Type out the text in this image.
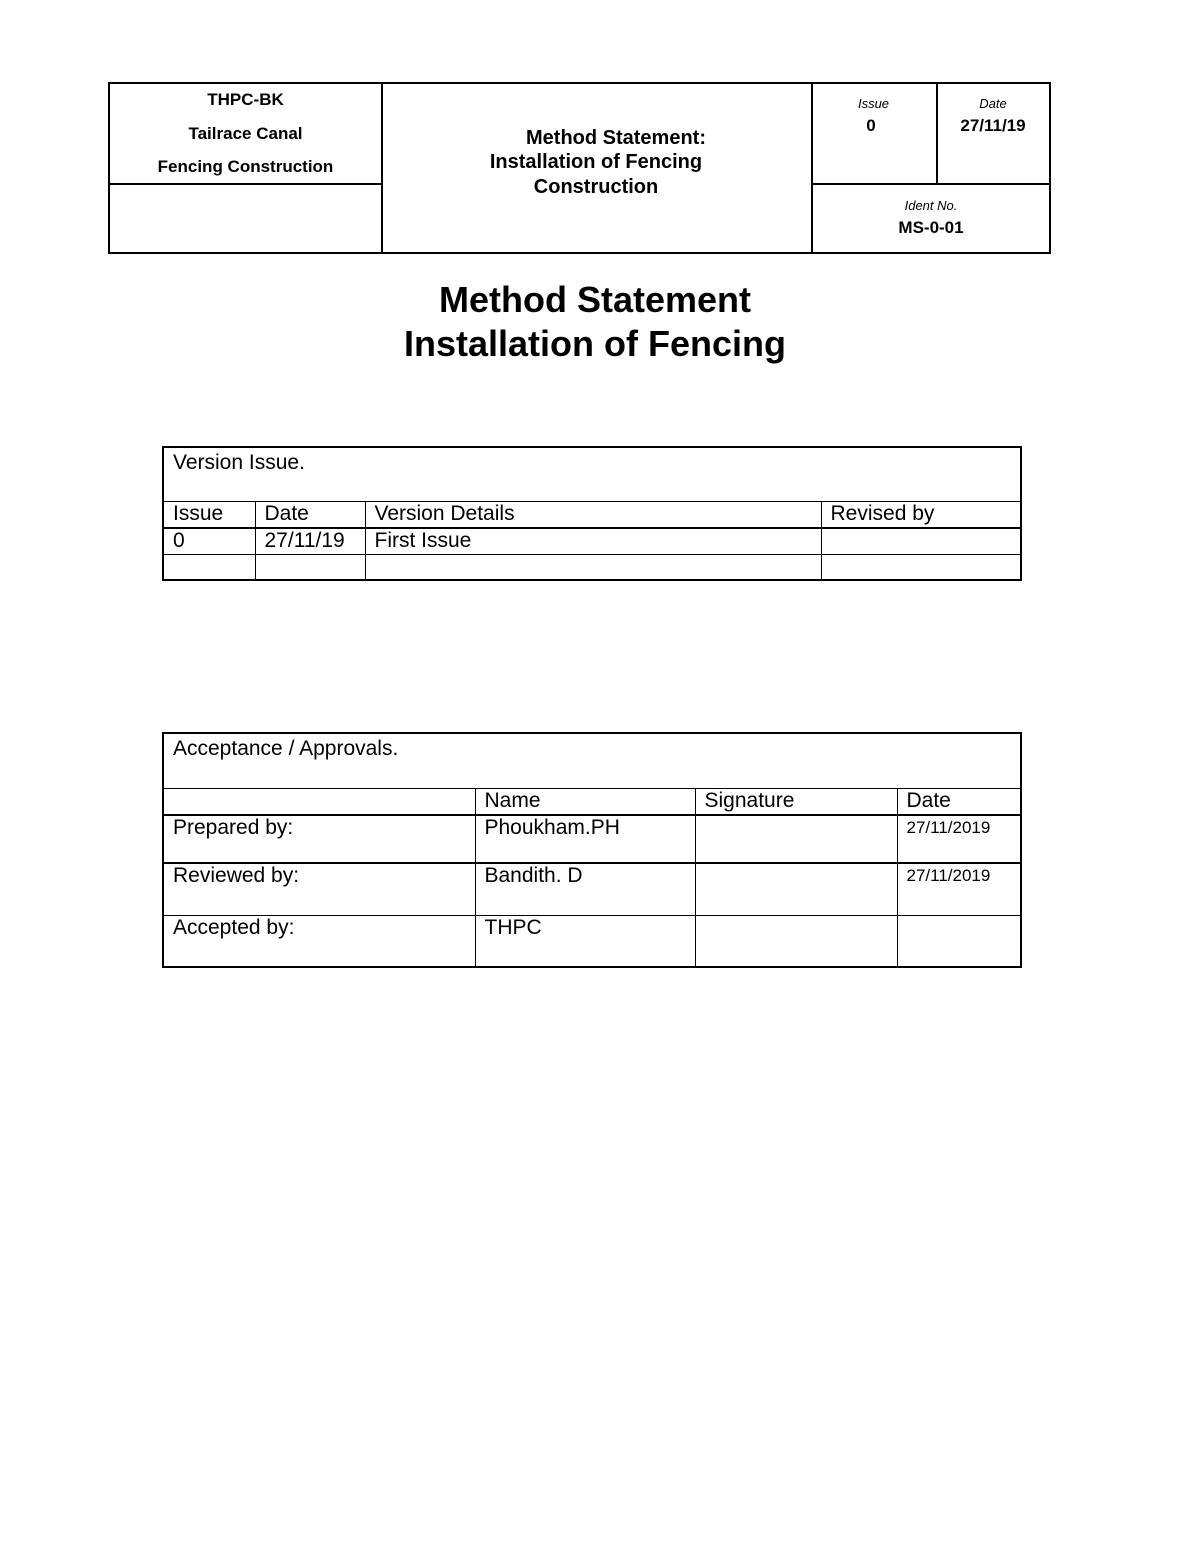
THPC-BK
Tailrace Canal
Fencing Construction
Method Statement:
Installation of Fencing
Construction
Issue
0
Date
27/11/19
Ident No.
MS-0-01
Method Statement
Installation of Fencing
Version Issue.			
Issue	Date	Version Details	Revised by
0	27/11/19	First Issue	

Acceptance / Approvals.			
	Name	Signature	Date
Prepared by:	Phoukham.PH		27/11/2019
Reviewed by:	Bandith. D		27/11/2019
Accepted by:	THPC		
